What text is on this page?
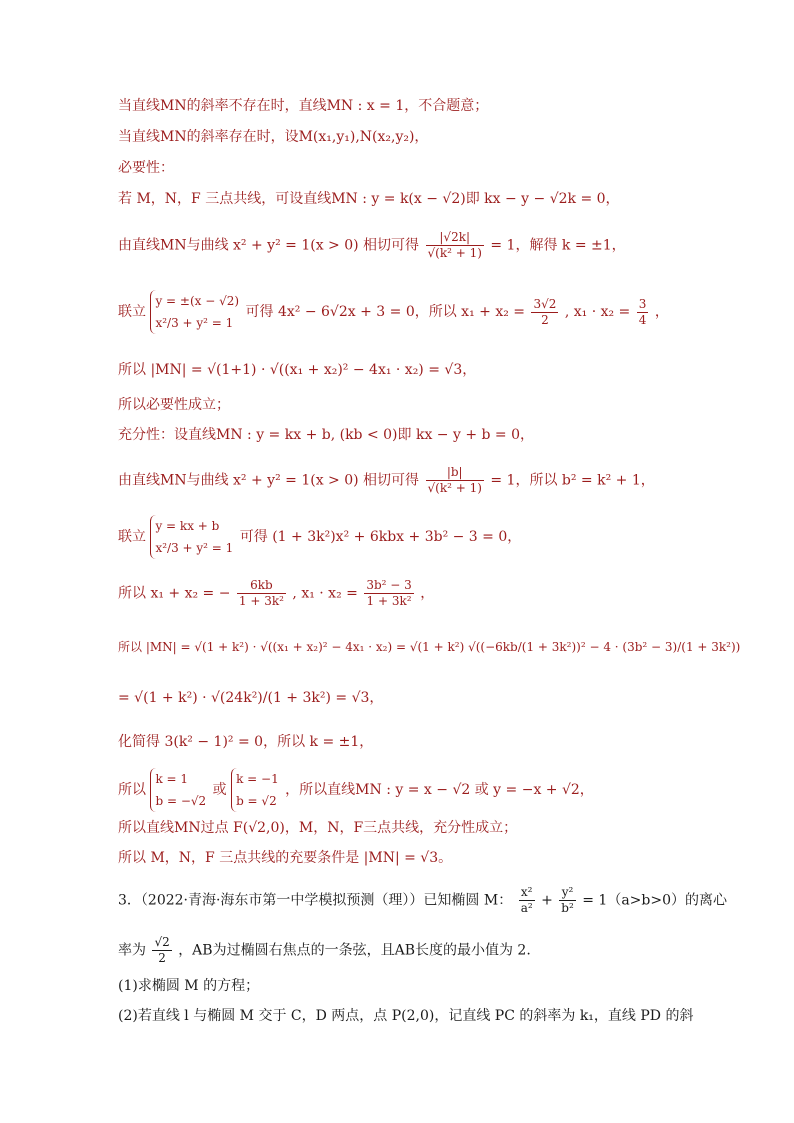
当直线MN的斜率不存在时，直线MN : x = 1，不合题意；
当直线MN的斜率存在时，设M(x₁,y₁),N(x₂,y₂)，
必要性：
若 M，N，F 三点共线，可设直线MN : y = k(x − √2)即 kx − y − √2k = 0，
由直线MN与曲线 x² + y² = 1(x > 0) 相切可得 $\frac{|√2k|}{\text{√(k² + 1)}} = 1$，解得 k = ±1，
联立
y = ±(x − √2)
x²/3 + y² = 1
可得 4x² − 6√2x + 3 = 0，所以 $x_1 + x_2 = \frac{3√2}{2}$ , $x_1 \cdot x_2 = \frac{3}{4}$ ，
所以 |MN| = √(1+1) · √((x₁ + x₂)² − 4x₁ · x₂) = √3，
所以必要性成立；
充分性：设直线MN : y = kx + b, (kb < 0)即 kx − y + b = 0，
由直线MN与曲线 x² + y² = 1(x > 0) 相切可得 $\frac{|b|}{\text{√(k² + 1)}} = 1$，所以 b² = k² + 1，
联立
y = kx + b
x²/3 + y² = 1
可得 (1 + 3k²)x² + 6kbx + 3b² − 3 = 0，
所以 x₁ + x₂ = − $\frac{6kb}{\text{1 + 3k²}}$ , $x_1 \cdot x_2 = \frac{\text{3b² − 3}}{\text{1 + 3k²}}$ ，
所以 |MN| = √(1 + k²) · √((x₁ + x₂)² − 4x₁ · x₂) = √(1 + k²) √((−6kb/(1 + 3k²))² − 4 · (3b² − 3)/(1 + 3k²))
= √(1 + k²) · √(24k²)/(1 + 3k²) = √3，
化简得 3(k² − 1)² = 0，所以 k = ±1，
所以
k = 1
b = −√2
或
k = −1
b = √2
，所以直线MN : y = x − √2 或 y = −x + √2，
所以直线MN过点 F(√2,0)，M，N，F三点共线，充分性成立；
所以 M，N，F 三点共线的充要条件是 |MN| = √3。
3．（2022·青海·海东市第一中学模拟预测（理））已知椭圆 M： $\frac{\text{x²}}{\text{a²}} + \frac{\text{y²}}{\text{b²}} = 1(a>b>0)$的离心
率为 $\frac{√2}{2}$ ，AB为过椭圆右焦点的一条弦，且AB长度的最小值为 2.
(1)求椭圆 M 的方程；
(2)若直线 l 与椭圆 M 交于 C，D 两点，点 P(2,0)，记直线 PC 的斜率为 k₁，直线 PD 的斜
